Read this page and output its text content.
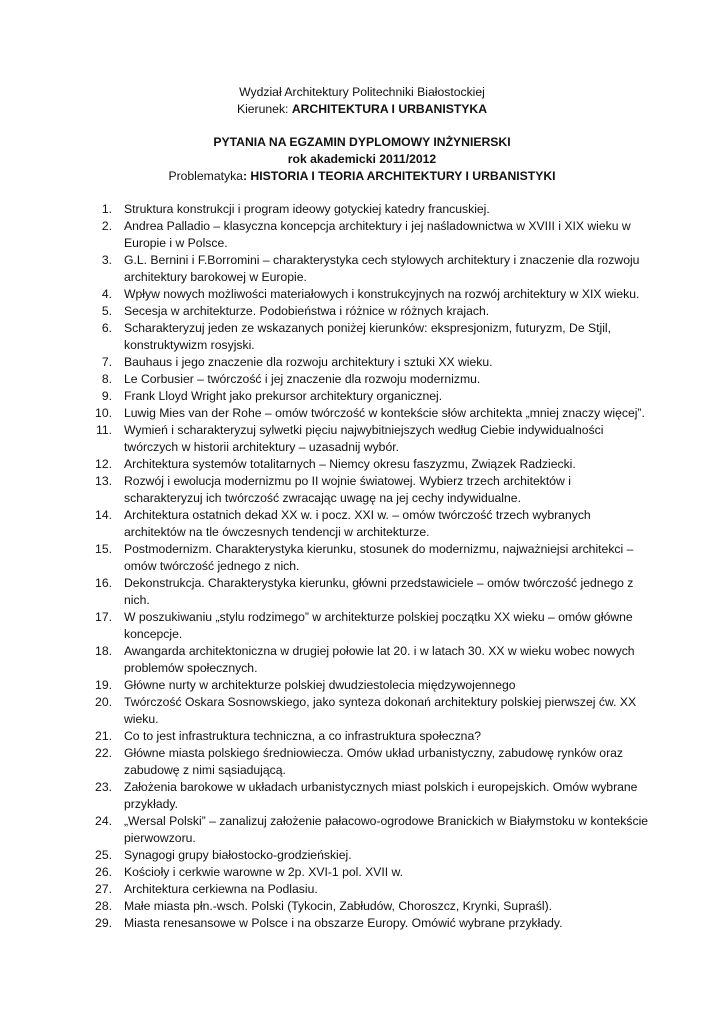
Wydział Architektury Politechniki Białostockiej
Kierunek: ARCHITEKTURA I URBANISTYKA
PYTANIA NA EGZAMIN DYPLOMOWY INŻYNIERSKI
rok akademicki 2011/2012
Problematyka: HISTORIA I TEORIA ARCHITEKTURY I URBANISTYKI
1. Struktura konstrukcji i program ideowy gotyckiej katedry francuskiej.
2. Andrea Palladio – klasyczna koncepcja architektury i jej naśladownictwa w XVIII i XIX wieku w Europie i w Polsce.
3. G.L. Bernini i F.Borromini – charakterystyka cech stylowych architektury i znaczenie dla rozwoju architektury barokowej w Europie.
4. Wpływ nowych możliwości materiałowych i konstrukcyjnych na rozwój architektury w XIX wieku.
5. Secesja w architekturze. Podobieństwa i różnice w różnych krajach.
6. Scharakteryzuj jeden ze wskazanych poniżej kierunków: ekspresjonizm, futuryzm, De Stjil, konstruktywizm rosyjski.
7. Bauhaus i jego znaczenie dla rozwoju architektury i sztuki XX wieku.
8. Le Corbusier – twórczość i jej znaczenie dla rozwoju modernizmu.
9. Frank Lloyd Wright jako prekursor architektury organicznej.
10. Luwig Mies van der Rohe – omów twórczość w kontekście słów architekta „mniej znaczy więcej”.
11. Wymień i scharakteryzuj sylwetki pięciu najwybitniejszych według Ciebie indywidualności twórczych w historii architektury – uzasadnij wybór.
12. Architektura systemów totalitarnych – Niemcy okresu faszyzmu, Związek Radziecki.
13. Rozwój i ewolucja modernizmu po II wojnie światowej. Wybierz trzech architektów i scharakteryzuj ich twórczość zwracając uwagę na jej cechy indywidualne.
14. Architektura ostatnich dekad XX w. i pocz. XXI w. – omów twórczość trzech wybranych architektów na tle ówczesnych tendencji w architekturze.
15. Postmodernizm. Charakterystyka kierunku, stosunek do modernizmu, najważniejsi architekci – omów twórczość jednego z nich.
16. Dekonstrukcja. Charakterystyka kierunku, główni przedstawiciele – omów twórczość jednego z nich.
17. W poszukiwaniu „stylu rodzimego” w architekturze polskiej początku XX wieku – omów główne koncepcje.
18. Awangarda architektoniczna w drugiej połowie lat 20. i w latach 30. XX w wieku wobec nowych problemów społecznych.
19. Główne nurty w architekturze polskiej dwudziestolecia międzywojennego
20. Twórczość Oskara Sosnowskiego, jako synteza dokonań architektury polskiej pierwszej ćw. XX wieku.
21. Co to jest infrastruktura techniczna, a co infrastruktura społeczna?
22. Główne miasta polskiego średniowiecza. Omów układ urbanistyczny, zabudowę rynków oraz zabudowę z nimi sąsiadującą.
23. Założenia barokowe w układach urbanistycznych miast polskich i europejskich. Omów wybrane przykłady.
24. „Wersal Polski” – zanalizuj założenie pałacowo-ogrodowe Branickich w Białymstoku w kontekście pierwowzoru.
25. Synagogi grupy białostocko-grodzieńskiej.
26. Kościoły i cerkwie warowne w 2p. XVI-1 pol. XVII w.
27. Architektura cerkiewna na Podlasiu.
28. Małe miasta płn.-wsch. Polski (Tykocin, Zabłudów, Choroszcz, Krynki, Supraśl).
29. Miasta renesansowe w Polsce i na obszarze Europy. Omówić wybrane przykłady.
